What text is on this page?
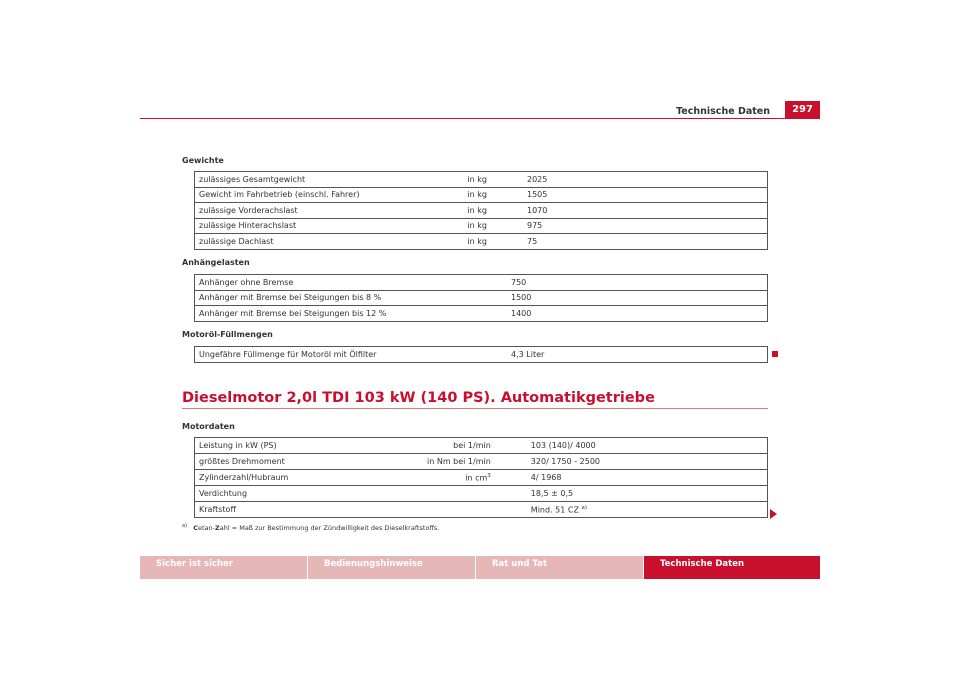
Technische Daten	297
Gewichte
zulässiges Gesamtgewicht	in kg		2025
Gewicht im Fahrbetrieb (einschl. Fahrer)	in kg		1505
zulässige Vorderachslast	in kg		1070
zulässige Hinterachslast	in kg		975
zulässige Dachlast	in kg		75
Anhängelasten
Anhänger ohne Bremse	750
Anhänger mit Bremse bei Steigungen bis 8 %	1500
Anhänger mit Bremse bei Steigungen bis 12 %	1400
Motoröl-Füllmengen
Ungefähre Füllmenge für Motoröl mit Ölfilter	4,3 Liter
Dieselmotor 2,0l TDI 103 kW (140 PS). Automatikgetriebe
Motordaten
Leistung in kW (PS)	bei 1/min		103 (140)/ 4000
größtes Drehmoment	in Nm bei 1/min		320/ 1750 - 2500
Zylinderzahl/Hubraum	in $cm^3$		4/ 1968
Verdichtung			18,5 ± 0,5
Kraftstoff			Mind. 51 CZ $^{a)}$
$^{a)}$ Cetan-Zahl = Maß zur Bestimmung der Zündwilligkeit des Dieselkraftstoffs.
Sicher ist sicher	Bedienungshinweise	Rat und Tat	Technische Daten
